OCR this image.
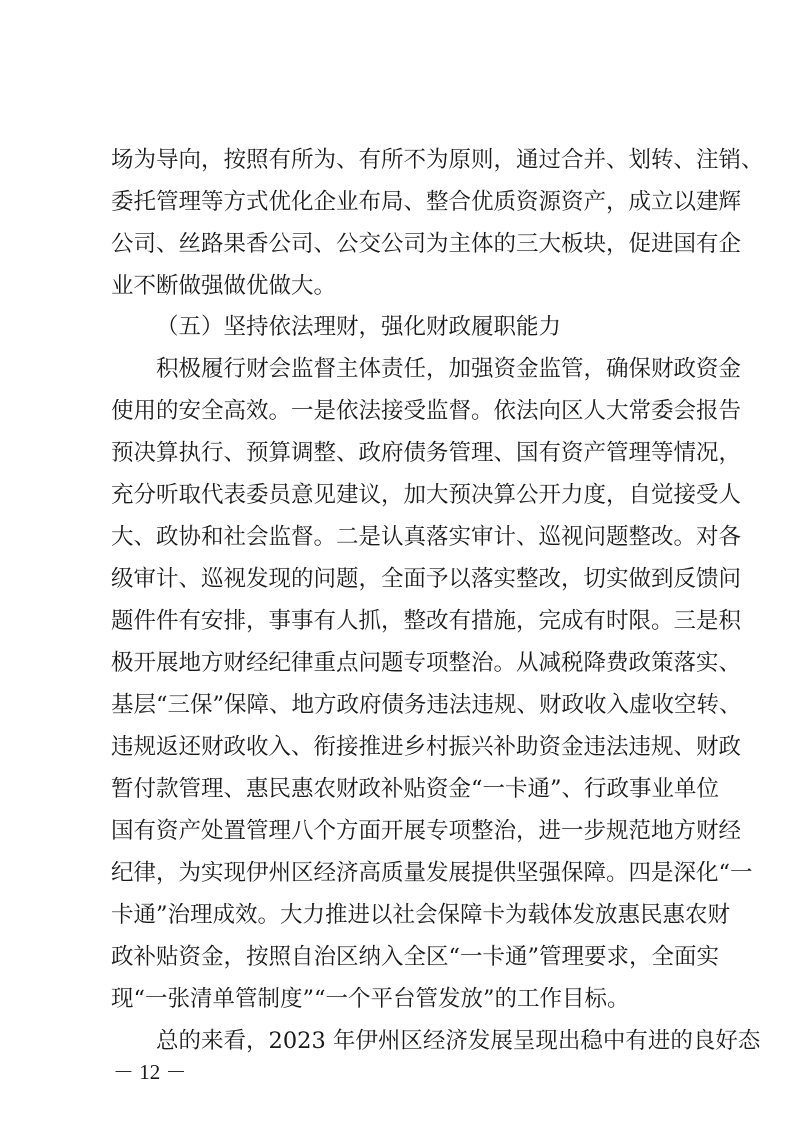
场为导向，按照有所为、有所不为原则，通过合并、划转、注销、
委托管理等方式优化企业布局、整合优质资源资产，成立以建辉
公司、丝路果香公司、公交公司为主体的三大板块，促进国有企
业不断做强做优做大。
（五）坚持依法理财，强化财政履职能力
积极履行财会监督主体责任，加强资金监管，确保财政资金
使用的安全高效。一是依法接受监督。依法向区人大常委会报告
预决算执行、预算调整、政府债务管理、国有资产管理等情况，
充分听取代表委员意见建议，加大预决算公开力度，自觉接受人
大、政协和社会监督。二是认真落实审计、巡视问题整改。对各
级审计、巡视发现的问题，全面予以落实整改，切实做到反馈问
题件件有安排，事事有人抓，整改有措施，完成有时限。三是积
极开展地方财经纪律重点问题专项整治。从减税降费政策落实、
基层“三保”保障、地方政府债务违法违规、财政收入虚收空转、
违规返还财政收入、衔接推进乡村振兴补助资金违法违规、财政
暂付款管理、惠民惠农财政补贴资金“一卡通”、行政事业单位
国有资产处置管理八个方面开展专项整治，进一步规范地方财经
纪律，为实现伊州区经济高质量发展提供坚强保障。四是深化“一
卡通”治理成效。大力推进以社会保障卡为载体发放惠民惠农财
政补贴资金，按照自治区纳入全区“一卡通”管理要求，全面实
现“一张清单管制度”“一个平台管发放”的工作目标。
总的来看，2023 年伊州区经济发展呈现出稳中有进的良好态
－ 12 －
